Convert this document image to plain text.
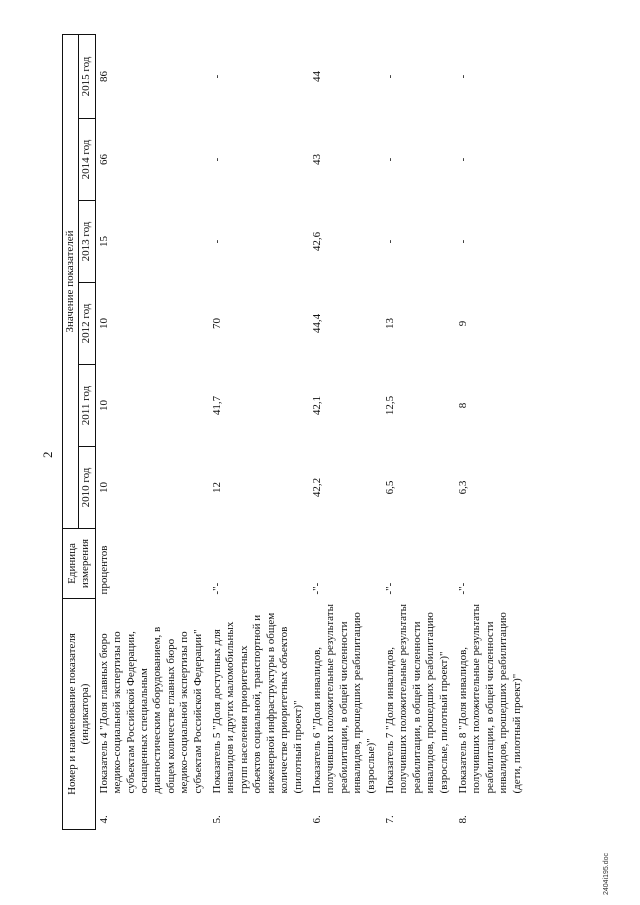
2
Номер и наименование показателя (индикатора)		Единица измерения	Значение показателей					
			2010 год	2011 год	2012 год	2013 год	2014 год	2015 год
4.	Показатель 4 "Доля главных бюро медико-социальной экспертизы по субъектам Российской Федерации, оснащенных специальным диагностическим оборудованием, в общем количестве главных бюро медико-социальной экспертизы по субъектам Российской Федерации"	процентов	10	10	10	15	66	86
5.	Показатель 5 "Доля доступных для инвалидов и других маломобильных групп населения приоритетных объектов социальной, транспортной и инженерной инфраструктуры в общем количестве приоритетных объектов (пилотный проект)"	-"-	12	41,7	70	-	-	-
6.	Показатель 6 "Доля инвалидов, получивших положительные результаты реабилитации, в общей численности инвалидов, прошедших реабилитацию (взрослые)"	-"-	42,2	42,1	44,4	42,6	43	44
7.	Показатель 7 "Доля инвалидов, получивших положительные результаты реабилитации, в общей численности инвалидов, прошедших реабилитацию (взрослые, пилотный проект)"	-"-	6,5	12,5	13	-	-	-
8.	Показатель 8 "Доля инвалидов, получивших положительные результаты реабилитации, в общей численности инвалидов, прошедших реабилитацию (дети, пилотный проект)"	-"-	6,3	8	9	-	-	-
2404i195.doc
